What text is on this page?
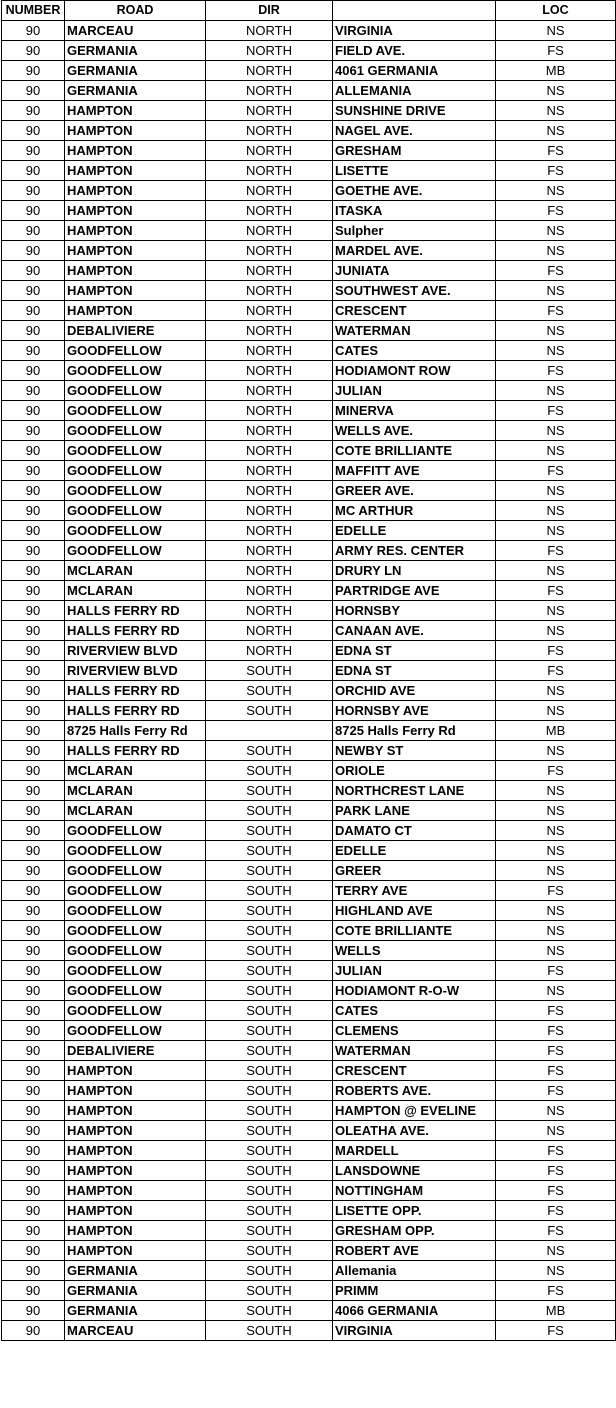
NUMBER	ROAD	DIR		LOC
90	MARCEAU	NORTH	VIRGINIA	NS
90	GERMANIA	NORTH	FIELD AVE.	FS
90	GERMANIA	NORTH	4061 GERMANIA	MB
90	GERMANIA	NORTH	ALLEMANIA	NS
90	HAMPTON	NORTH	SUNSHINE DRIVE	NS
90	HAMPTON	NORTH	NAGEL AVE.	NS
90	HAMPTON	NORTH	GRESHAM	FS
90	HAMPTON	NORTH	LISETTE	FS
90	HAMPTON	NORTH	GOETHE AVE.	NS
90	HAMPTON	NORTH	ITASKA	FS
90	HAMPTON	NORTH	Sulpher	NS
90	HAMPTON	NORTH	MARDEL AVE.	NS
90	HAMPTON	NORTH	JUNIATA	FS
90	HAMPTON	NORTH	SOUTHWEST AVE.	NS
90	HAMPTON	NORTH	CRESCENT	FS
90	DEBALIVIERE	NORTH	WATERMAN	NS
90	GOODFELLOW	NORTH	CATES	NS
90	GOODFELLOW	NORTH	HODIAMONT ROW	FS
90	GOODFELLOW	NORTH	JULIAN	NS
90	GOODFELLOW	NORTH	MINERVA	FS
90	GOODFELLOW	NORTH	WELLS AVE.	NS
90	GOODFELLOW	NORTH	COTE BRILLIANTE	NS
90	GOODFELLOW	NORTH	MAFFITT AVE	FS
90	GOODFELLOW	NORTH	GREER AVE.	NS
90	GOODFELLOW	NORTH	MC ARTHUR	NS
90	GOODFELLOW	NORTH	EDELLE	NS
90	GOODFELLOW	NORTH	ARMY RES. CENTER	FS
90	MCLARAN	NORTH	DRURY LN	NS
90	MCLARAN	NORTH	PARTRIDGE AVE	FS
90	HALLS FERRY RD	NORTH	HORNSBY	NS
90	HALLS FERRY RD	NORTH	CANAAN AVE.	NS
90	RIVERVIEW BLVD	NORTH	EDNA ST	FS
90	RIVERVIEW BLVD	SOUTH	EDNA ST	FS
90	HALLS FERRY RD	SOUTH	ORCHID AVE	NS
90	HALLS FERRY RD	SOUTH	HORNSBY AVE	NS
90	8725 Halls Ferry Rd		8725 Halls Ferry Rd	MB
90	HALLS FERRY RD	SOUTH	NEWBY ST	NS
90	MCLARAN	SOUTH	ORIOLE	FS
90	MCLARAN	SOUTH	NORTHCREST LANE	NS
90	MCLARAN	SOUTH	PARK LANE	NS
90	GOODFELLOW	SOUTH	DAMATO CT	NS
90	GOODFELLOW	SOUTH	EDELLE	NS
90	GOODFELLOW	SOUTH	GREER	NS
90	GOODFELLOW	SOUTH	TERRY AVE	FS
90	GOODFELLOW	SOUTH	HIGHLAND AVE	NS
90	GOODFELLOW	SOUTH	COTE BRILLIANTE	NS
90	GOODFELLOW	SOUTH	WELLS	NS
90	GOODFELLOW	SOUTH	JULIAN	FS
90	GOODFELLOW	SOUTH	HODIAMONT R-O-W	NS
90	GOODFELLOW	SOUTH	CATES	FS
90	GOODFELLOW	SOUTH	CLEMENS	FS
90	DEBALIVIERE	SOUTH	WATERMAN	FS
90	HAMPTON	SOUTH	CRESCENT	FS
90	HAMPTON	SOUTH	ROBERTS AVE.	FS
90	HAMPTON	SOUTH	HAMPTON @ EVELINE	NS
90	HAMPTON	SOUTH	OLEATHA AVE.	NS
90	HAMPTON	SOUTH	MARDELL	FS
90	HAMPTON	SOUTH	LANSDOWNE	FS
90	HAMPTON	SOUTH	NOTTINGHAM	FS
90	HAMPTON	SOUTH	LISETTE OPP.	FS
90	HAMPTON	SOUTH	GRESHAM OPP.	FS
90	HAMPTON	SOUTH	ROBERT AVE	NS
90	GERMANIA	SOUTH	Allemania	NS
90	GERMANIA	SOUTH	PRIMM	FS
90	GERMANIA	SOUTH	4066 GERMANIA	MB
90	MARCEAU	SOUTH	VIRGINIA	FS
